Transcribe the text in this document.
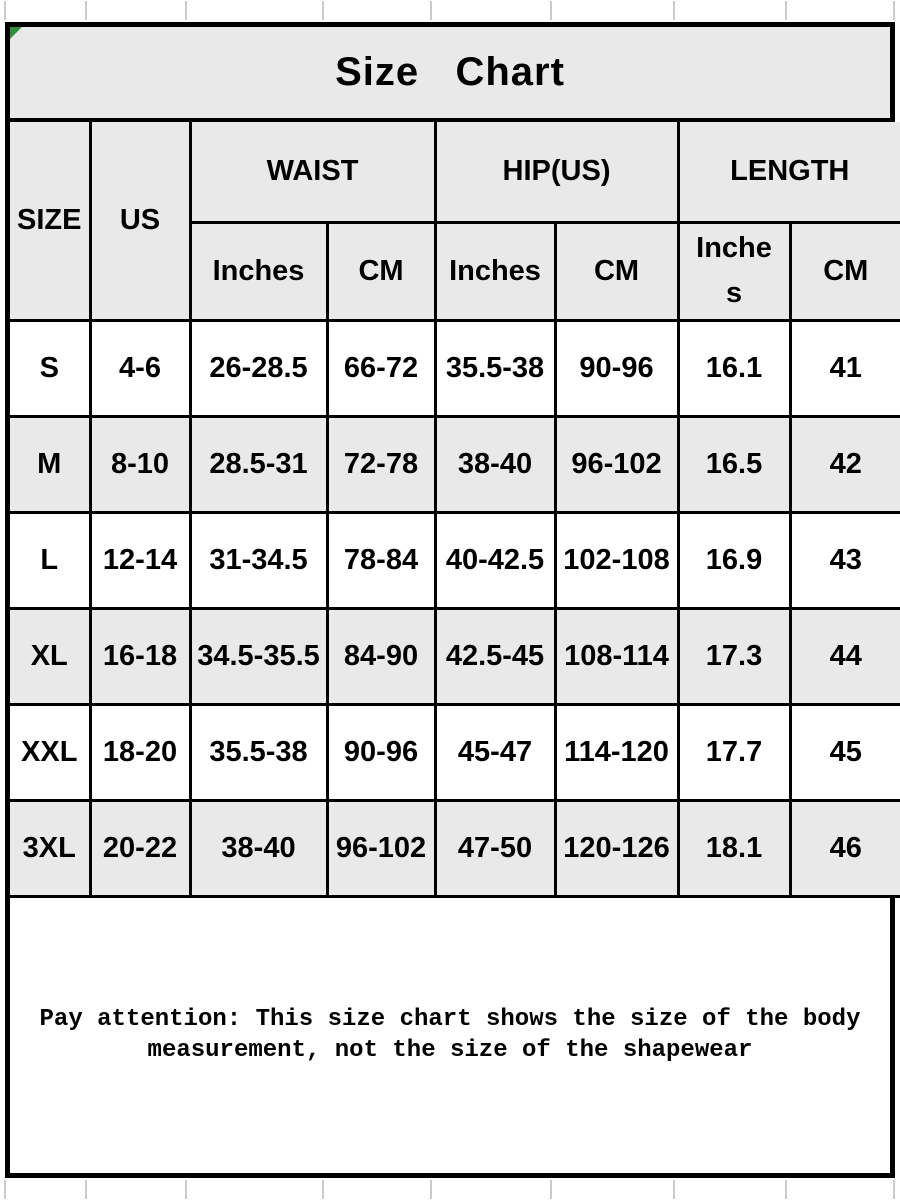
Size   Chart
SIZE	US	WAIST		HIP(US)		LENGTH	
		Inches	CM	Inches	CM	Inches	CM
S	4-6	26-28.5	66-72	35.5-38	90-96	16.1	41
M	8-10	28.5-31	72-78	38-40	96-102	16.5	42
L	12-14	31-34.5	78-84	40-42.5	102-108	16.9	43
XL	16-18	34.5-35.5	84-90	42.5-45	108-114	17.3	44
XXL	18-20	35.5-38	90-96	45-47	114-120	17.7	45
3XL	20-22	38-40	96-102	47-50	120-126	18.1	46

Pay attention: This size chart shows the size of the body measurement, not the size of the shapewear
